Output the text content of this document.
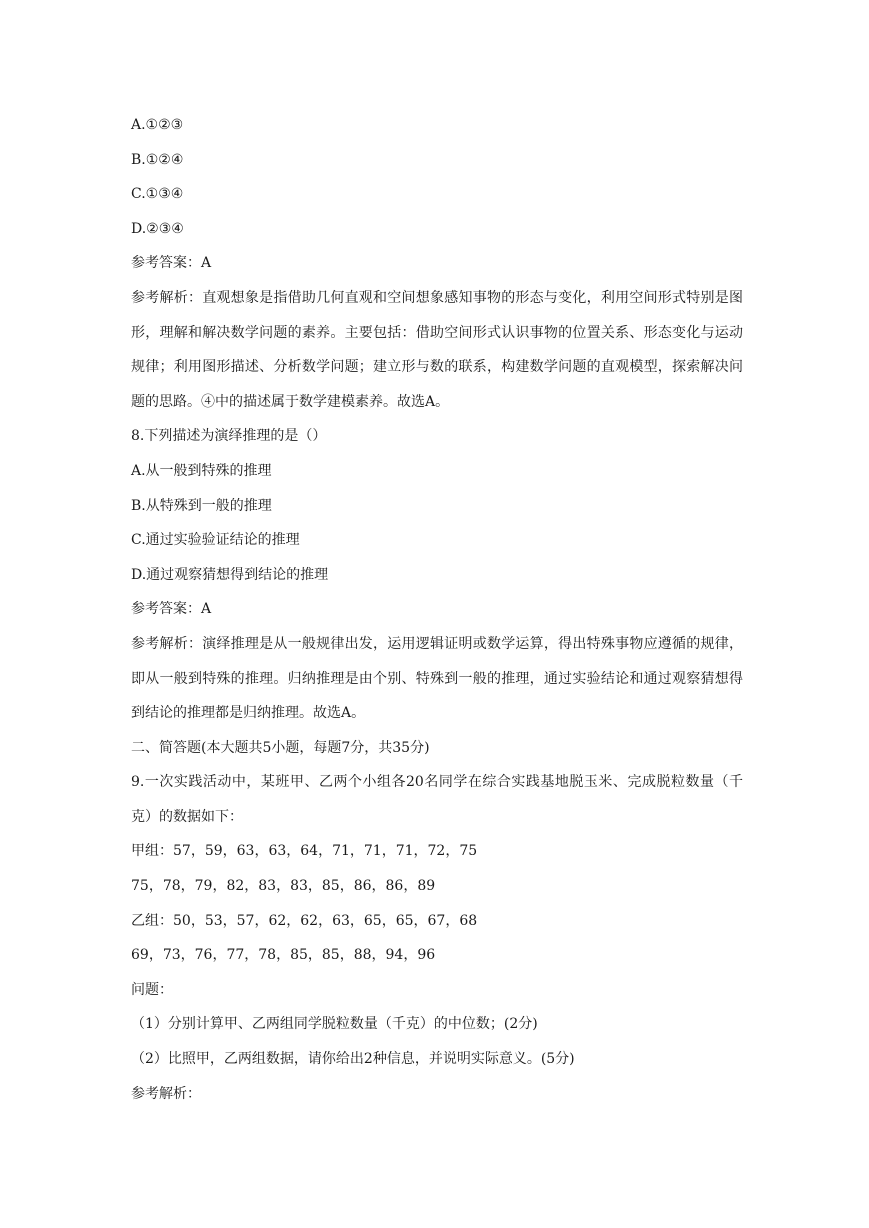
A.①②③

B.①②④

C.①③④

D.②③④

参考答案：A

参考解析：直观想象是指借助几何直观和空间想象感知事物的形态与变化，利用空间形式特别是图形，理解和解决数学问题的素养。主要包括：借助空间形式认识事物的位置关系、形态变化与运动规律；利用图形描述、分析数学问题；建立形与数的联系，构建数学问题的直观模型，探索解决问题的思路。④中的描述属于数学建模素养。故选A。

8.下列描述为演绎推理的是（）

A.从一般到特殊的推理

B.从特殊到一般的推理

C.通过实验验证结论的推理

D.通过观察猜想得到结论的推理

参考答案：A

参考解析：演绎推理是从一般规律出发，运用逻辑证明或数学运算，得出特殊事物应遵循的规律，即从一般到特殊的推理。归纳推理是由个别、特殊到一般的推理，通过实验结论和通过观察猜想得到结论的推理都是归纳推理。故选A。

二、简答题(本大题共5小题，每题7分，共35分)

9.一次实践活动中，某班甲、乙两个小组各20名同学在综合实践基地脱玉米、完成脱粒数量（千克）的数据如下：

甲组：57，59，63，63，64，71，71，71，72，75

75，78，79，82，83，83，85，86，86，89

乙组：50，53，57，62，62，63，65，65，67，68

69，73，76，77，78，85，85，88，94，96

问题：

（1）分别计算甲、乙两组同学脱粒数量（千克）的中位数；(2分)

（2）比照甲，乙两组数据，请你给出2种信息，并说明实际意义。(5分)

参考解析：
